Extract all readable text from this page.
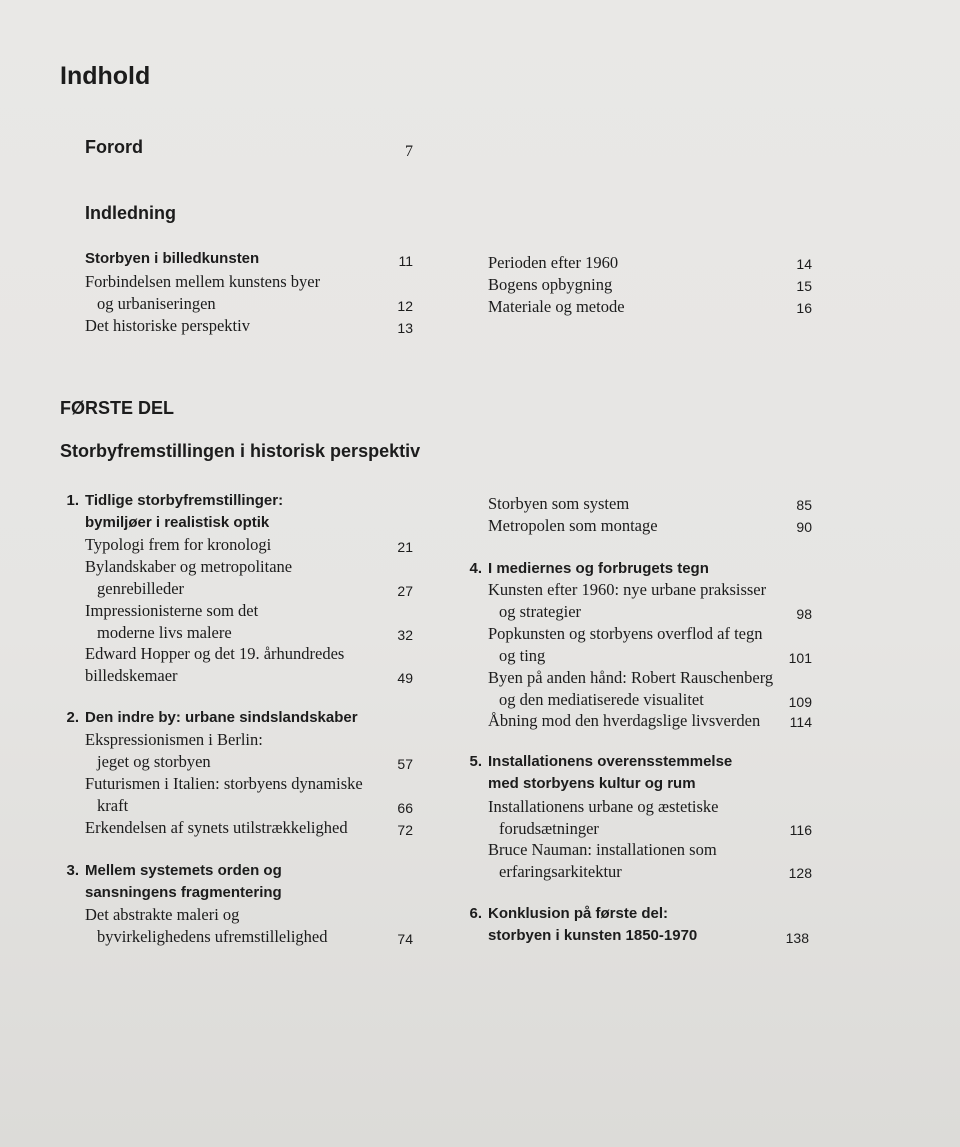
Indhold
Forord	7
Indledning
Storbyen i billedkunsten	11
Forbindelsen mellem kunstens byer
og urbaniseringen	12
Det historiske perspektiv	13
Perioden efter 1960	14
Bogens opbygning	15
Materiale og metode	16
FØRSTE DEL
Storbyfremstillingen i historisk perspektiv
1. Tidlige storbyfremstillinger:
bymiljøer i realistisk optik
Typologi frem for kronologi	21
Bylandskaber og metropolitane
genrebilleder	27
Impressionisterne som det
moderne livs malere	32
Edward Hopper og det 19. århundredes
billedskemaer	49
2. Den indre by: urbane sindslandskaber
Ekspressionismen i Berlin:
jeget og storbyen	57
Futurismen i Italien: storbyens dynamiske
kraft	66
Erkendelsen af synets utilstrækkelighed	72
3. Mellem systemets orden og
sansningens fragmentering
Det abstrakte maleri og
byvirkelighedens ufremstillelighed	74
Storbyen som system	85
Metropolen som montage	90
4. I mediernes og forbrugets tegn
Kunsten efter 1960: nye urbane praksisser
og strategier	98
Popkunsten og storbyens overflod af tegn
og ting	101
Byen på anden hånd: Robert Rauschenberg
og den mediatiserede visualitet	109
Åbning mod den hverdagslige livsverden	114
5. Installationens overensstemmelse
med storbyens kultur og rum
Installationens urbane og æstetiske
forudsætninger	116
Bruce Nauman: installationen som
erfaringsarkitektur	128
6. Konklusion på første del:
storbyen i kunsten 1850-1970	138
